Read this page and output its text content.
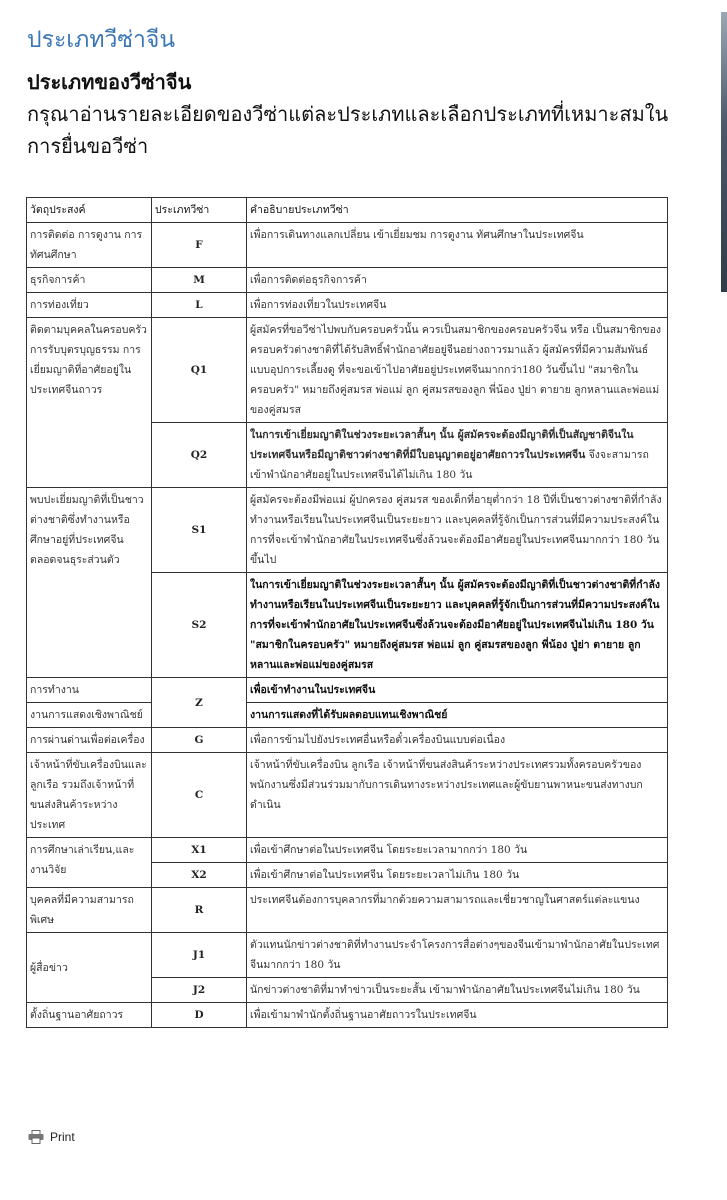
ประเภทวีซ่าจีน
ประเภทของวีซ่าจีน
กรุณาอ่านรายละเอียดของวีซ่าแต่ละประเภทและเลือกประเภทที่เหมาะสมในการยื่นขอวีซ่า
วัตถุประสงค์	ประเภทวีซ่า	คำอธิบายประเภทวีซ่า
การติดต่อ การดูงาน การทัศนศึกษา	F	เพื่อการเดินทางแลกเปลี่ยน เข้าเยี่ยมชม การดูงาน ทัศนศึกษาในประเทศจีน
ธุรกิจการค้า	M	เพื่อการติดต่อธุรกิจการค้า
การท่องเที่ยว	L	เพื่อการท่องเที่ยวในประเทศจีน
ติดตามบุคคลในครอบครัว การรับบุตรบุญธรรม การเยี่ยมญาติที่อาศัยอยู่ในประเทศจีนถาวร	Q1	ผู้สมัครที่ขอวีซ่าไปพบกับครอบครัวนั้น ควรเป็นสมาชิกของครอบครัวจีน หรือ เป็นสมาชิกของครอบครัวต่างชาติที่ได้รับสิทธิ์พำนักอาศัยอยู่จีนอย่างถาวรมาแล้ว ผู้สมัครที่มีความสัมพันธ์แบบอุปการะเลี้ยงดู ที่จะขอเข้าไปอาศัยอยู่ประเทศจีนมากกว่า180 วันขึ้นไป "สมาชิกในครอบครัว" หมายถึงคู่สมรส พ่อแม่ ลูก คู่สมรสของลูก พี่น้อง ปู่ย่า ตายาย ลูกหลานและพ่อแม่ของคู่สมรส
	Q2	ในการเข้าเยี่ยมญาติในช่วงระยะเวลาสั้นๆ นั้น ผู้สมัครจะต้องมีญาติที่เป็นสัญชาติจีนในประเทศจีนหรือมีญาติชาวต่างชาติที่มีใบอนุญาตอยู่อาศัยถาวรในประเทศจีน จึงจะสามารถเข้าพำนักอาศัยอยู่ในประเทศจีนได้ไม่เกิน 180 วัน
พบปะเยี่ยมญาติที่เป็นชาวต่างชาติซึ่งทำงานหรือศึกษาอยู่ที่ประเทศจีนตลอดจนธุระส่วนตัว	S1	ผู้สมัครจะต้องมีพ่อแม่ ผู้ปกครอง คู่สมรส ของเด็กที่อายุต่ำกว่า 18 ปีที่เป็นชาวต่างชาติที่กำลังทำงานหรือเรียนในประเทศจีนเป็นระยะยาว และบุคคลที่รู้จักเป็นการส่วนที่มีความประสงค์ในการที่จะเข้าพำนักอาศัยในประเทศจีนซึ่งล้วนจะต้องมีอาศัยอยู่ในประเทศจีนมากกว่า 180 วันขึ้นไป
	S2	ในการเข้าเยี่ยมญาติในช่วงระยะเวลาสั้นๆ นั้น ผู้สมัครจะต้องมีญาติที่เป็นชาวต่างชาติที่กำลังทำงานหรือเรียนในประเทศจีนเป็นระยะยาว และบุคคลที่รู้จักเป็นการส่วนที่มีความประสงค์ในการที่จะเข้าพำนักอาศัยในประเทศจีนซึ่งล้วนจะต้องมีอาศัยอยู่ในประเทศจีนไม่เกิน 180 วัน "สมาชิกในครอบครัว" หมายถึงคู่สมรส พ่อแม่ ลูก คู่สมรสของลูก พี่น้อง ปู่ย่า ตายาย ลูกหลานและพ่อแม่ของคู่สมรส
การทำงาน	Z	เพื่อเข้าทำงานในประเทศจีน
งานการแสดงเชิงพาณิชย์		งานการแสดงที่ได้รับผลตอบแทนเชิงพาณิชย์
การผ่านด่านเพื่อต่อเครื่อง	G	เพื่อการข้ามไปยังประเทศอื่นหรือตั๋วเครื่องบินแบบต่อเนื่อง
เจ้าหน้าที่ขับเครื่องบินและลูกเรือ รวมถึงเจ้าหน้าที่ขนส่งสินค้าระหว่างประเทศ	C	เจ้าหน้าที่ขับเครื่องบิน ลูกเรือ เจ้าหน้าที่ขนส่งสินค้าระหว่างประเทศรวมทั้งครอบครัวของพนักงานซึ่งมีส่วนร่วมมากับการเดินทางระหว่างประเทศและผู้ขับยานพาหนะขนส่งทางบกดำเนิน
การศึกษาเล่าเรียน,และงานวิจัย	X1	เพื่อเข้าศึกษาต่อในประเทศจีน โดยระยะเวลามากกว่า 180 วัน
	X2	เพื่อเข้าศึกษาต่อในประเทศจีน โดยระยะเวลาไม่เกิน 180 วัน
บุคคลที่มีความสามารถพิเศษ	R	ประเทศจีนต้องการบุคลากรที่มากด้วยความสามารถและเชี่ยวชาญในศาสตร์แต่ละแขนง
ผู้สื่อข่าว	J1	ตัวแทนนักข่าวต่างชาติที่ทำงานประจำโครงการสื่อต่างๆของจีนเข้ามาพำนักอาศัยในประเทศจีนมากกว่า 180 วัน
	J2	นักข่าวต่างชาติที่มาทำข่าวเป็นระยะสั้น เข้ามาพำนักอาศัยในประเทศจีนไม่เกิน 180 วัน
ตั้งถิ่นฐานอาศัยถาวร	D	เพื่อเข้ามาพำนักตั้งถิ่นฐานอาศัยถาวรในประเทศจีน
Print
